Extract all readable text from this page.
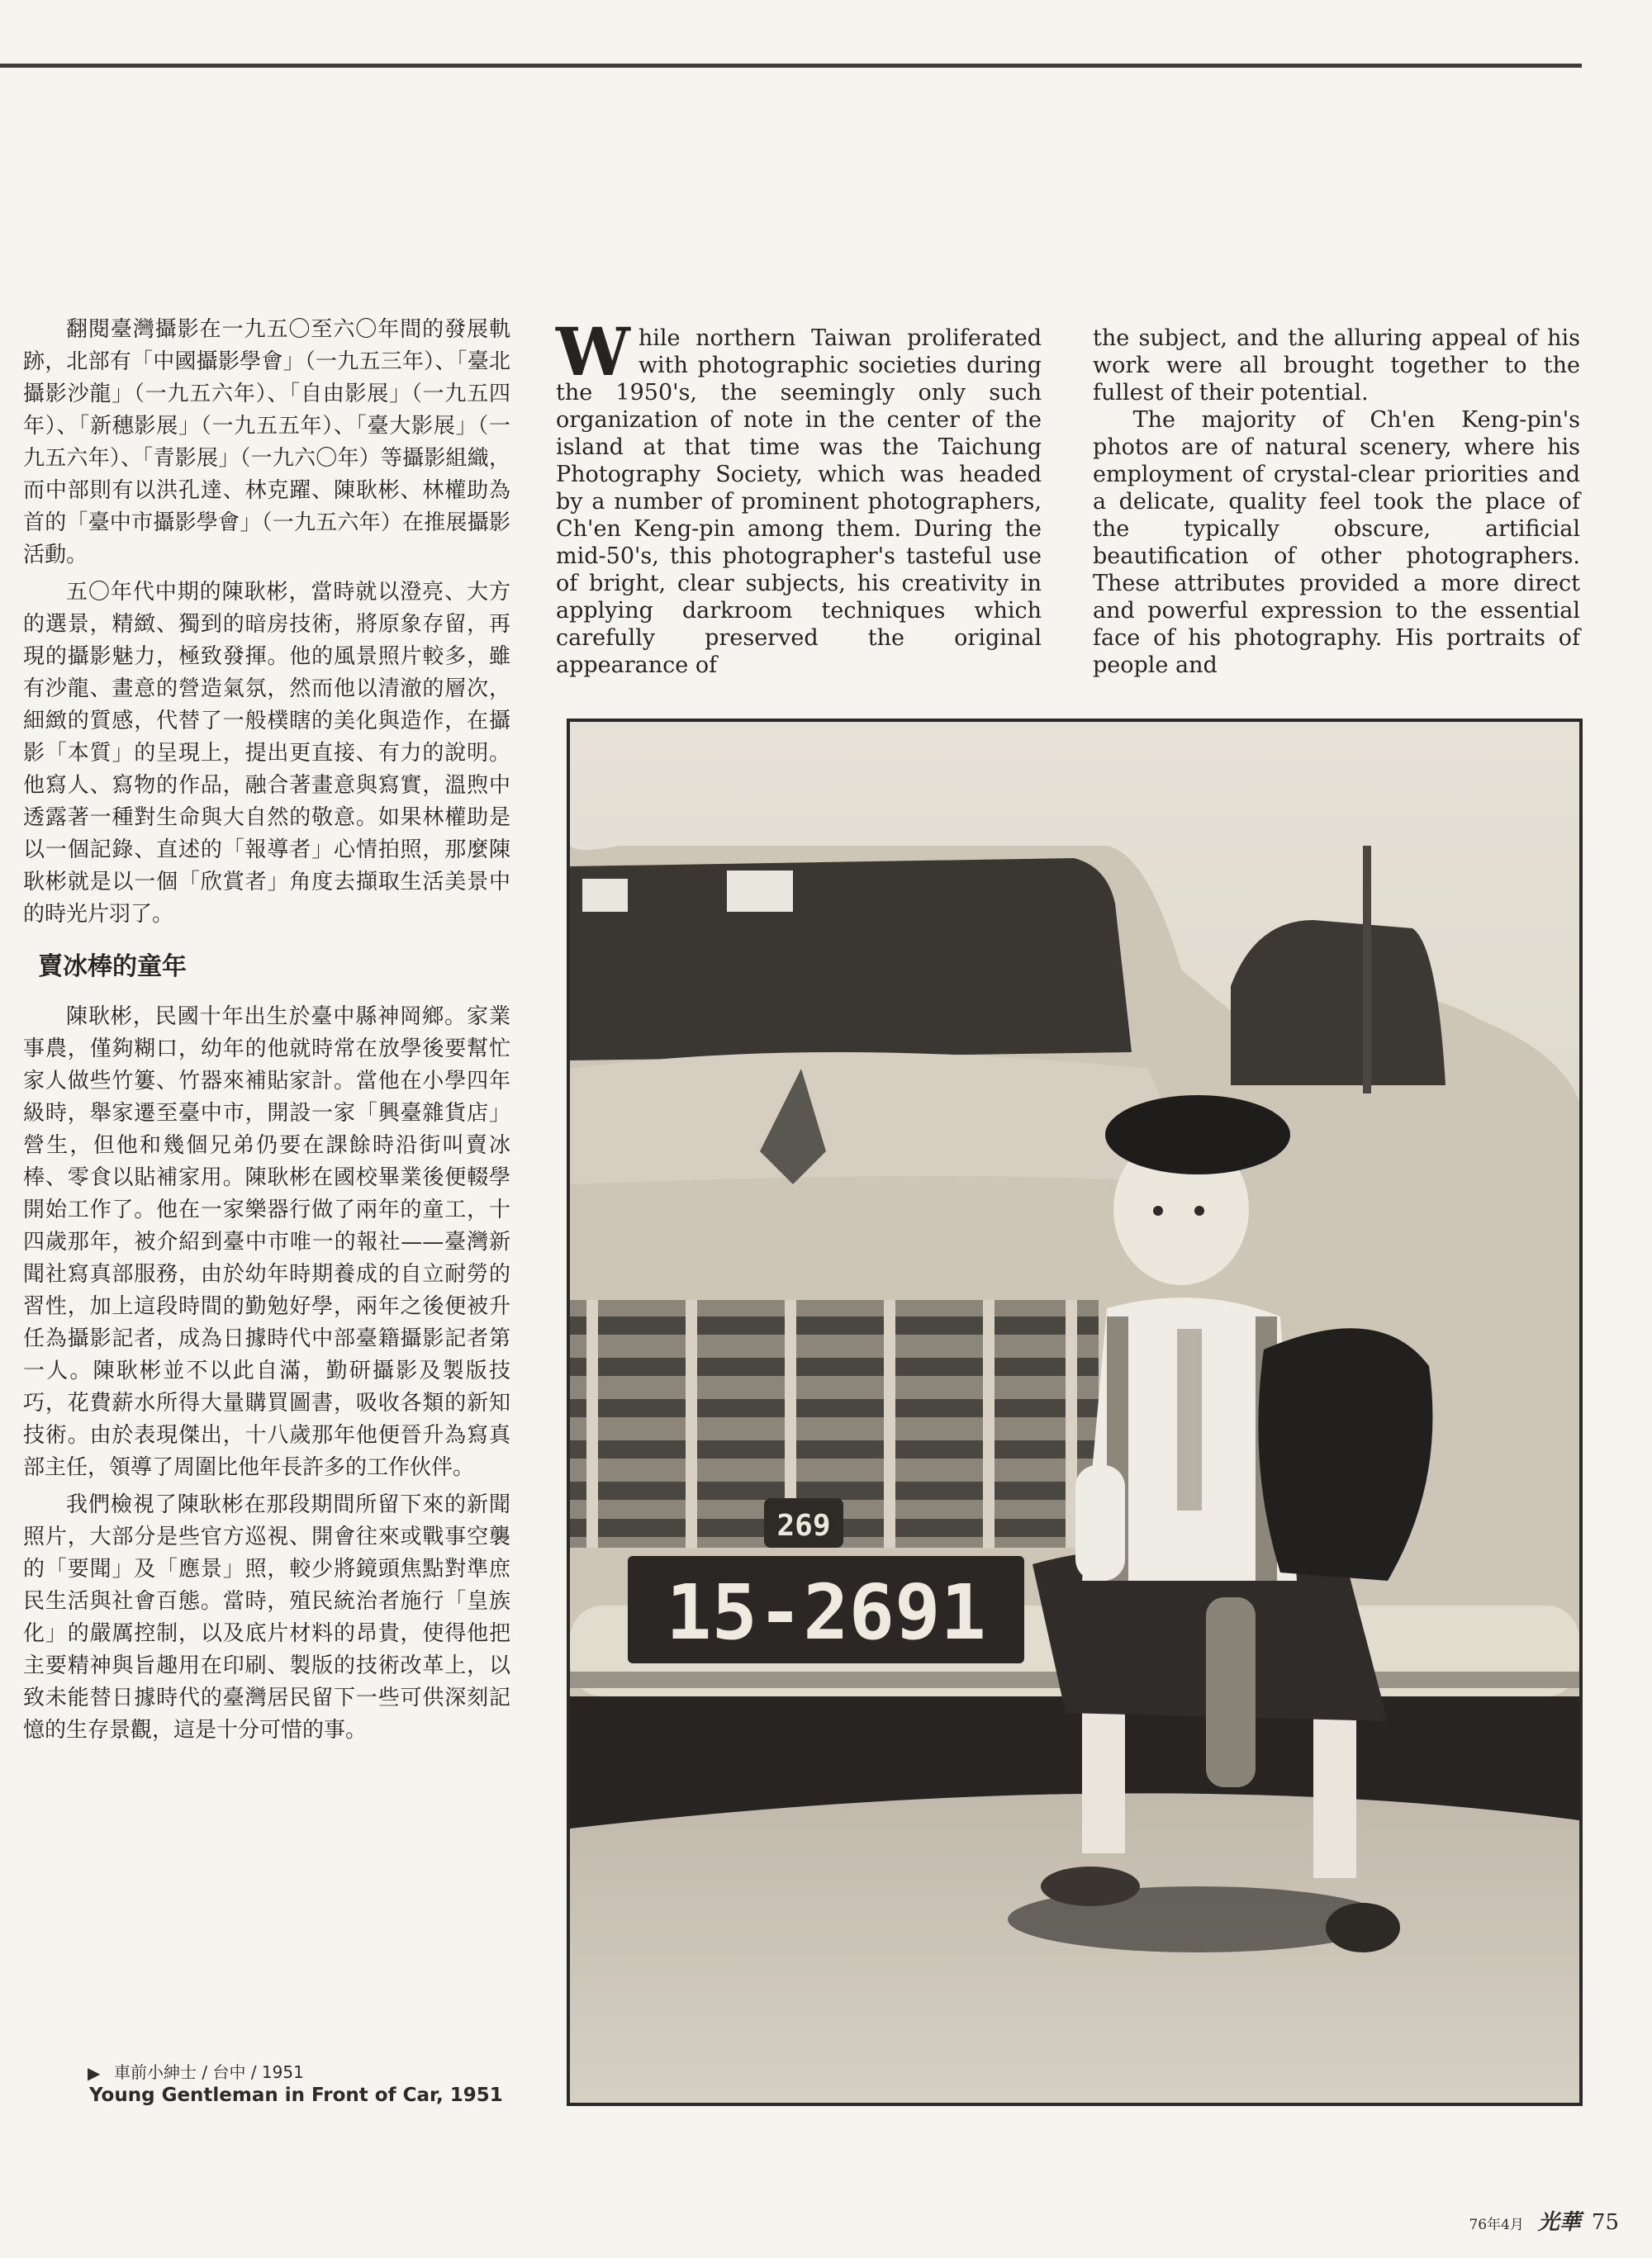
翻閱臺灣攝影在一九五〇至六〇年間的發展軌跡，北部有「中國攝影學會」（一九五三年）、「臺北攝影沙龍」（一九五六年）、「自由影展」（一九五四年）、「新穗影展」（一九五五年）、「臺大影展」（一九五六年）、「青影展」（一九六〇年）等攝影組織，而中部則有以洪孔達、林克躍、陳耿彬、林權助為首的「臺中市攝影學會」（一九五六年）在推展攝影活動。

五〇年代中期的陳耿彬，當時就以澄亮、大方的選景，精緻、獨到的暗房技術，將原象存留，再現的攝影魅力，極致發揮。他的風景照片較多，雖有沙龍、畫意的營造氣氛，然而他以清澈的層次，細緻的質感，代替了一般樸瞎的美化與造作，在攝影「本質」的呈現上，提出更直接、有力的說明。他寫人、寫物的作品，融合著畫意與寫實，溫煦中透露著一種對生命與大自然的敬意。如果林權助是以一個記錄、直述的「報導者」心情拍照，那麼陳耿彬就是以一個「欣賞者」角度去擷取生活美景中的時光片羽了。

賣冰棒的童年

陳耿彬，民國十年出生於臺中縣神岡鄉。家業事農，僅夠糊口，幼年的他就時常在放學後要幫忙家人做些竹簍、竹器來補貼家計。當他在小學四年級時，舉家遷至臺中市，開設一家「興臺雜貨店」營生，但他和幾個兄弟仍要在課餘時沿街叫賣冰棒、零食以貼補家用。陳耿彬在國校畢業後便輟學開始工作了。他在一家樂器行做了兩年的童工，十四歲那年，被介紹到臺中市唯一的報社——臺灣新聞社寫真部服務，由於幼年時期養成的自立耐勞的習性，加上這段時間的勤勉好學，兩年之後便被升任為攝影記者，成為日據時代中部臺籍攝影記者第一人。陳耿彬並不以此自滿，勤研攝影及製版技巧，花費薪水所得大量購買圖書，吸收各類的新知技術。由於表現傑出，十八歲那年他便晉升為寫真部主任，領導了周圍比他年長許多的工作伙伴。

我們檢視了陳耿彬在那段期間所留下來的新聞照片，大部分是些官方巡視、開會往來或戰事空襲的「要聞」及「應景」照，較少將鏡頭焦點對準庶民生活與社會百態。當時，殖民統治者施行「皇族化」的嚴厲控制，以及底片材料的昂貴，使得他把主要精神與旨趣用在印刷、製版的技術改革上，以致未能替日據時代的臺灣居民留下一些可供深刻記憶的生存景觀，這是十分可惜的事。

W hile northern Taiwan proliferated with photographic societies during the 1950's, the seemingly only such organization of note in the center of the island at that time was the Taichung Photography Society, which was headed by a number of prominent photographers, Ch'en Keng-pin among them. During the mid-50's, this photographer's tasteful use of bright, clear subjects, his creativity in applying darkroom techniques which carefully preserved the original appearance of

the subject, and the alluring appeal of his work were all brought together to the fullest of their potential.

The majority of Ch'en Keng-pin's photos are of natural scenery, where his employment of crystal-clear priorities and a delicate, quality feel took the place of the typically obscure, artificial beautification of other photographers. These attributes provided a more direct and powerful expression to the essential face of his photography. His portraits of people and

269
15-2691
▶ 車前小紳士 / 台中 / 1951
Young Gentleman in Front of Car, 1951
76年4月 光華 75
